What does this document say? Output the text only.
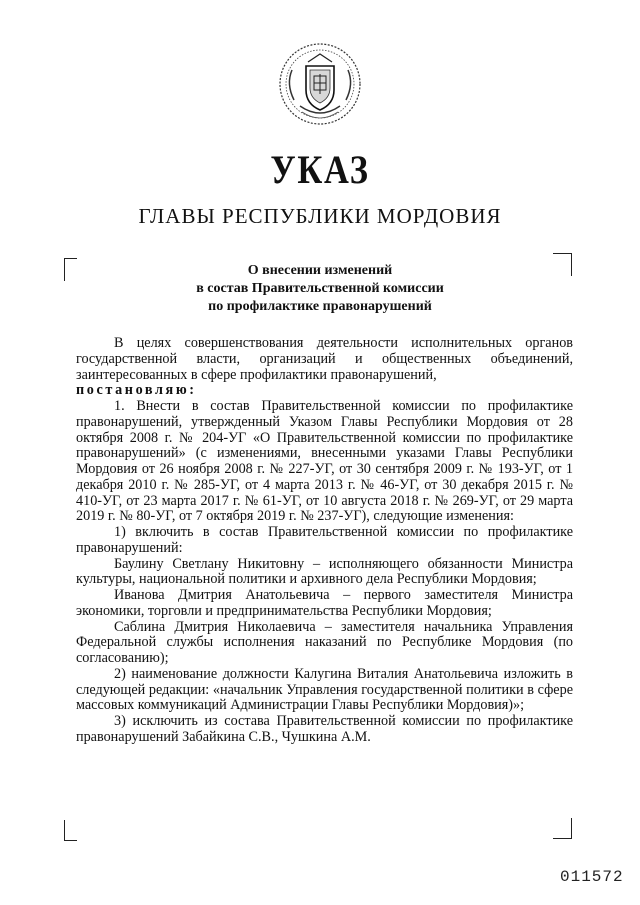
УКАЗ
ГЛАВЫ РЕСПУБЛИКИ МОРДОВИЯ
О внесении изменений
в состав Правительственной комиссии
по профилактике правонарушений

В целях совершенствования деятельности исполнительных органов государственной власти, организаций и общественных объединений, заинтересованных в сфере профилактики правонарушений,

постановляю:

1. Внести в состав Правительственной комиссии по профилактике правонарушений, утвержденный Указом Главы Республики Мордовия от 28 октября 2008 г. № 204-УГ «О Правительственной комиссии по профилактике правонарушений» (с изменениями, внесенными указами Главы Республики Мордовия от 26 ноября 2008 г. № 227-УГ, от 30 сентября 2009 г. № 193-УГ, от 1 декабря 2010 г. № 285-УГ, от 4 марта 2013 г. № 46-УГ, от 30 декабря 2015 г. № 410-УГ, от 23 марта 2017 г. № 61-УГ, от 10 августа 2018 г. № 269-УГ, от 29 марта 2019 г. № 80-УГ, от 7 октября 2019 г. № 237-УГ), следующие изменения:

1) включить в состав Правительственной комиссии по профилактике правонарушений:

Баулину Светлану Никитовну – исполняющего обязанности Министра культуры, национальной политики и архивного дела Республики Мордовия;

Иванова Дмитрия Анатольевича – первого заместителя Министра экономики, торговли и предпринимательства Республики Мордовия;

Саблина Дмитрия Николаевича – заместителя начальника Управления Федеральной службы исполнения наказаний по Республике Мордовия (по согласованию);

2) наименование должности Калугина Виталия Анатольевича изложить в следующей редакции: «начальник Управления государственной политики в сфере массовых коммуникаций Администрации Главы Республики Мордовия)»;

3) исключить из состава Правительственной комиссии по профилактике правонарушений Забайкина С.В., Чушкина А.М.

011572
